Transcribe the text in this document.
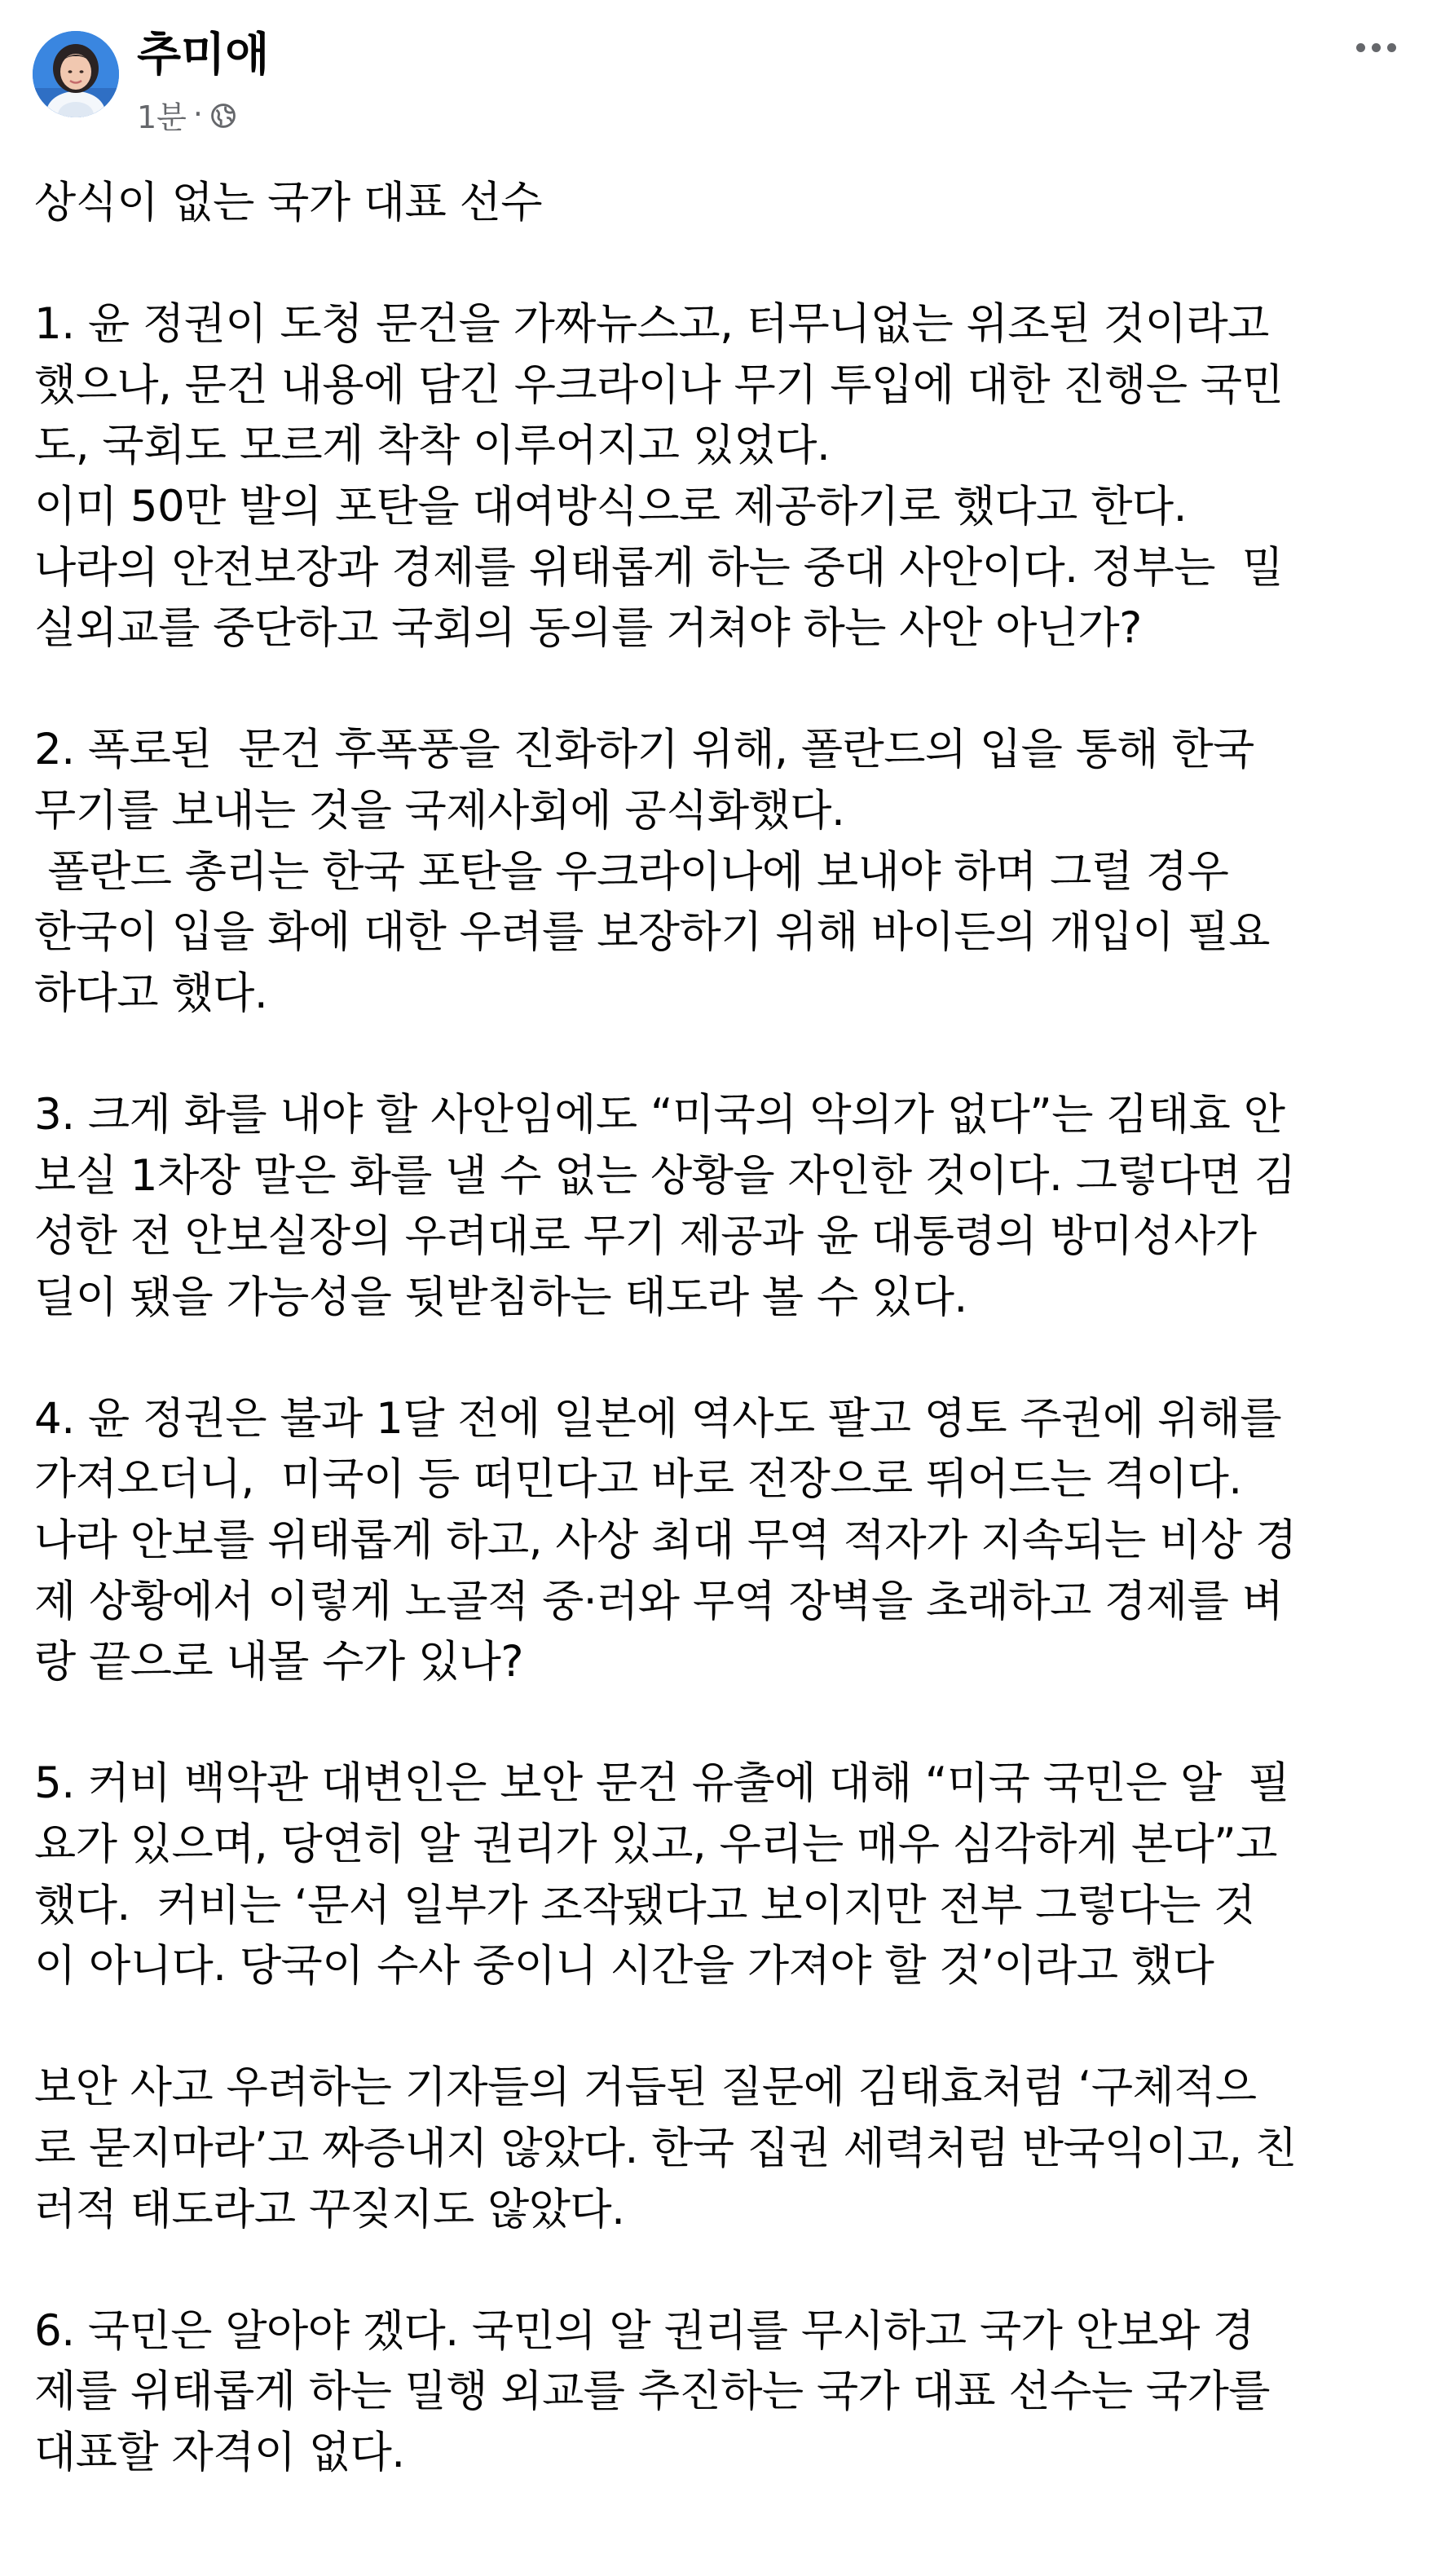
추미애
1분 ·
상식이 없는 국가 대표 선수
1. 윤 정권이 도청 문건을 가짜뉴스고, 터무니없는 위조된 것이라고
했으나, 문건 내용에 담긴 우크라이나 무기 투입에 대한 진행은 국민
도, 국회도 모르게 착착 이루어지고 있었다.
이미 50만 발의 포탄을 대여방식으로 제공하기로 했다고 한다.
나라의 안전보장과 경제를 위태롭게 하는 중대 사안이다. 정부는  밀
실외교를 중단하고 국회의 동의를 거쳐야 하는 사안 아닌가?
2. 폭로된  문건 후폭풍을 진화하기 위해, 폴란드의 입을 통해 한국
무기를 보내는 것을 국제사회에 공식화했다.
폴란드 총리는 한국 포탄을 우크라이나에 보내야 하며 그럴 경우
한국이 입을 화에 대한 우려를 보장하기 위해 바이든의 개입이 필요
하다고 했다.
3. 크게 화를 내야 할 사안임에도 “미국의 악의가 없다”는 김태효 안
보실 1차장 말은 화를 낼 수 없는 상황을 자인한 것이다. 그렇다면 김
성한 전 안보실장의 우려대로 무기 제공과 윤 대통령의 방미성사가
딜이 됐을 가능성을 뒷받침하는 태도라 볼 수 있다.
4. 윤 정권은 불과 1달 전에 일본에 역사도 팔고 영토 주권에 위해를
가져오더니,  미국이 등 떠민다고 바로 전장으로 뛰어드는 격이다.
나라 안보를 위태롭게 하고, 사상 최대 무역 적자가 지속되는 비상 경
제 상황에서 이렇게 노골적 중·러와 무역 장벽을 초래하고 경제를 벼
랑 끝으로 내몰 수가 있나?
5. 커비 백악관 대변인은 보안 문건 유출에 대해 “미국 국민은 알  필
요가 있으며, 당연히 알 권리가 있고, 우리는 매우 심각하게 본다”고
했다.  커비는 ‘문서 일부가 조작됐다고 보이지만 전부 그렇다는 것
이 아니다. 당국이 수사 중이니 시간을 가져야 할 것’이라고 했다
보안 사고 우려하는 기자들의 거듭된 질문에 김태효처럼 ‘구체적으
로 묻지마라’고 짜증내지 않았다. 한국 집권 세력처럼 반국익이고, 친
러적 태도라고 꾸짖지도 않았다.
6. 국민은 알아야 겠다. 국민의 알 권리를 무시하고 국가 안보와 경
제를 위태롭게 하는 밀행 외교를 추진하는 국가 대표 선수는 국가를
대표할 자격이 없다.
